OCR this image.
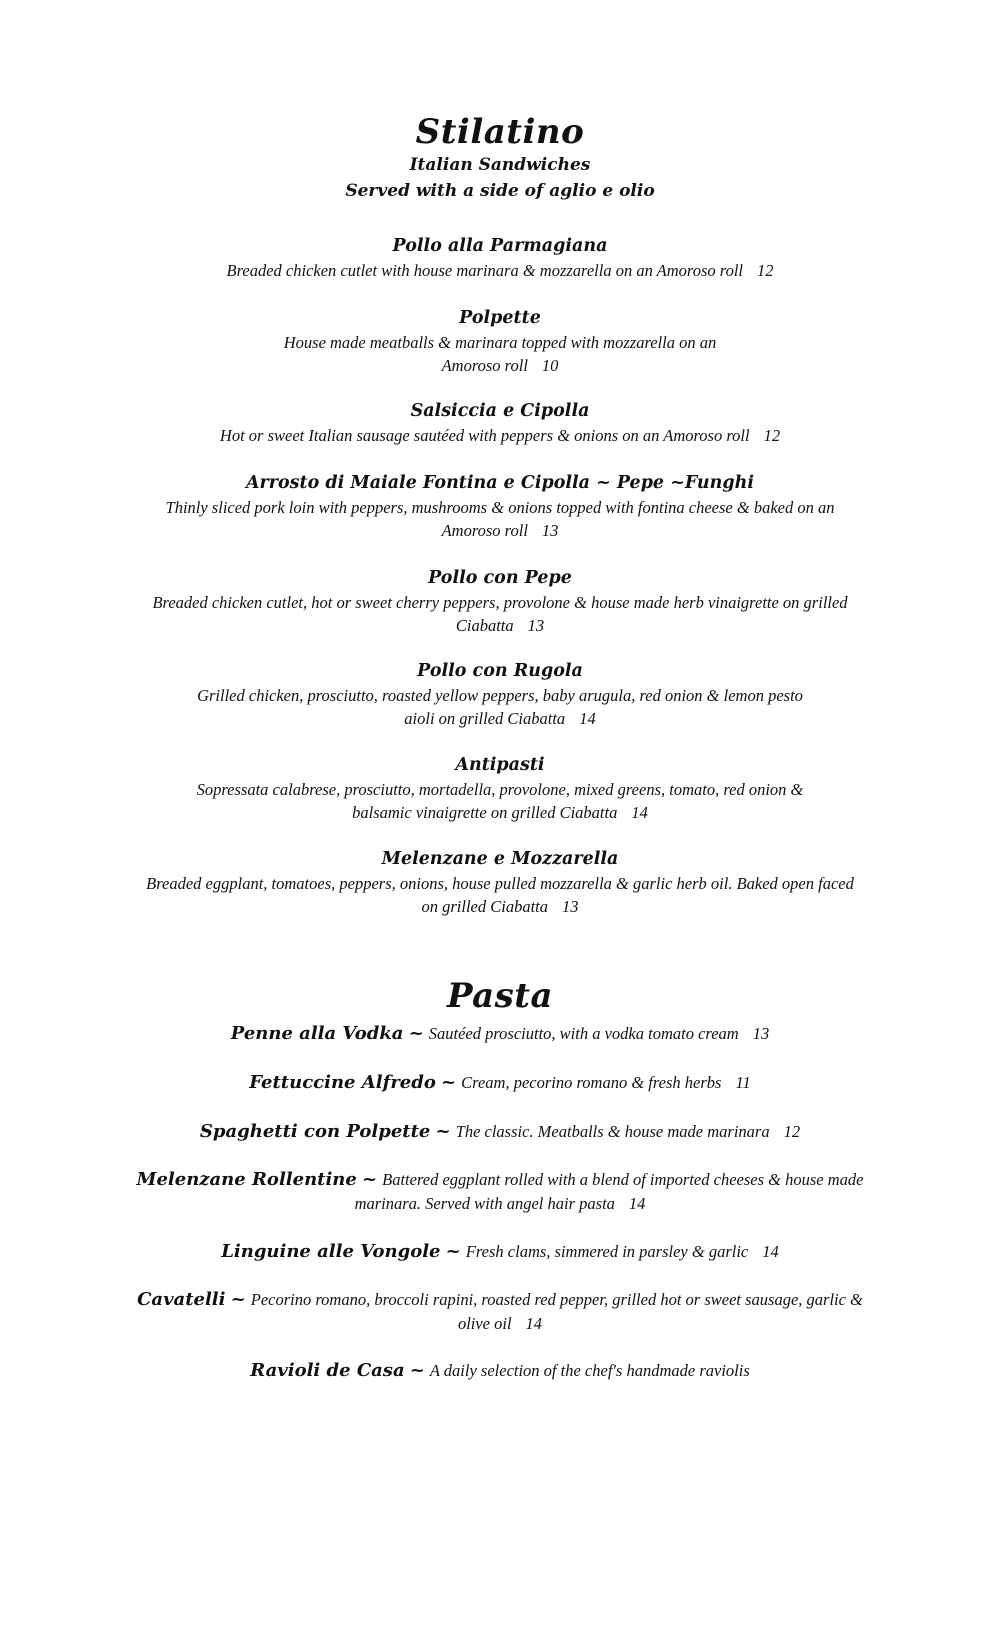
Stilatino
Italian Sandwiches
Served with a side of aglio e olio
Pollo alla Parmagiana
Breaded chicken cutlet with house marinara & mozzarella on an Amoroso roll 12
Polpette
House made meatballs & marinara topped with mozzarella on an
Amoroso roll 10
Salsiccia e Cipolla
Hot or sweet Italian sausage sautéed with peppers & onions on an Amoroso roll 12
Arrosto di Maiale Fontina e Cipolla ~ Pepe ~Funghi
Thinly sliced pork loin with peppers, mushrooms & onions topped with fontina cheese & baked on an
Amoroso roll 13
Pollo con Pepe
Breaded chicken cutlet, hot or sweet cherry peppers, provolone & house made herb vinaigrette on grilled
Ciabatta 13
Pollo con Rugola
Grilled chicken, prosciutto, roasted yellow peppers, baby arugula, red onion & lemon pesto
aioli on grilled Ciabatta 14
Antipasti
Sopressata calabrese, prosciutto, mortadella, provolone, mixed greens, tomato, red onion &
balsamic vinaigrette on grilled Ciabatta 14
Melenzane e Mozzarella
Breaded eggplant, tomatoes, peppers, onions, house pulled mozzarella & garlic herb oil. Baked open faced
on grilled Ciabatta 13
Pasta
Penne alla Vodka ~ Sautéed prosciutto, with a vodka tomato cream 13
Fettuccine Alfredo ~ Cream, pecorino romano & fresh herbs 11
Spaghetti con Polpette ~ The classic. Meatballs & house made marinara 12
Melenzane Rollentine ~ Battered eggplant rolled with a blend of imported cheeses & house made
marinara. Served with angel hair pasta 14
Linguine alle Vongole ~ Fresh clams, simmered in parsley & garlic 14
Cavatelli ~ Pecorino romano, broccoli rapini, roasted red pepper, grilled hot or sweet sausage, garlic &
olive oil 14
Ravioli de Casa ~ A daily selection of the chef's handmade raviolis
